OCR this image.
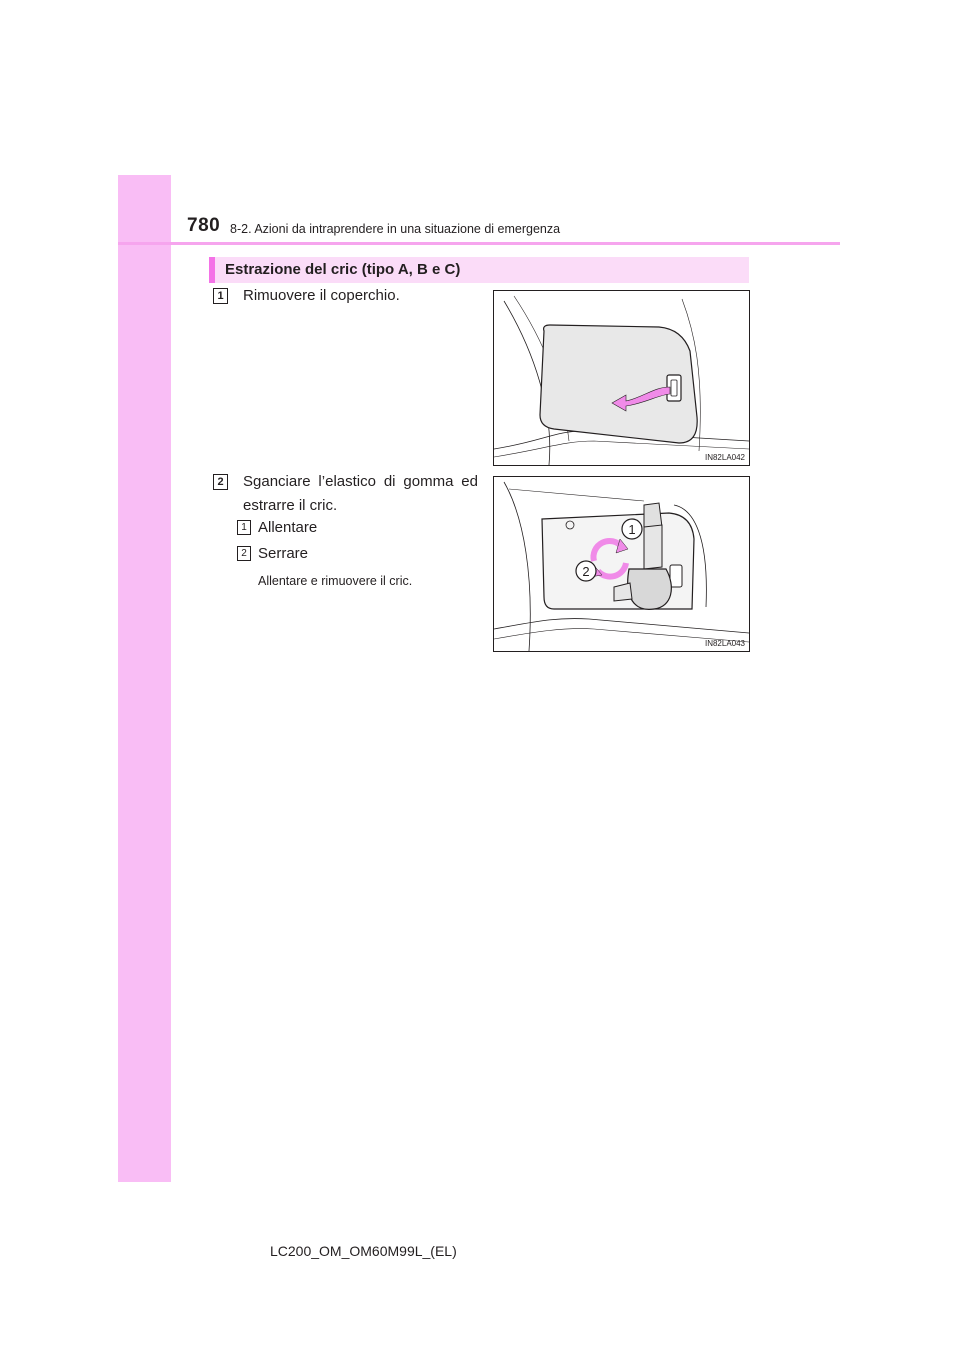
780 8-2. Azioni da intraprendere in una situazione di emergenza
Estrazione del cric (tipo A, B e C)
1 Rimuovere il coperchio.
IN82LA042
2 Sganciare l’elastico di gomma ed
estrarre il cric.
1 Allentare
2 Serrare
Allentare e rimuovere il cric.
1
2
IN82LA043
LC200_OM_OM60M99L_(EL)
